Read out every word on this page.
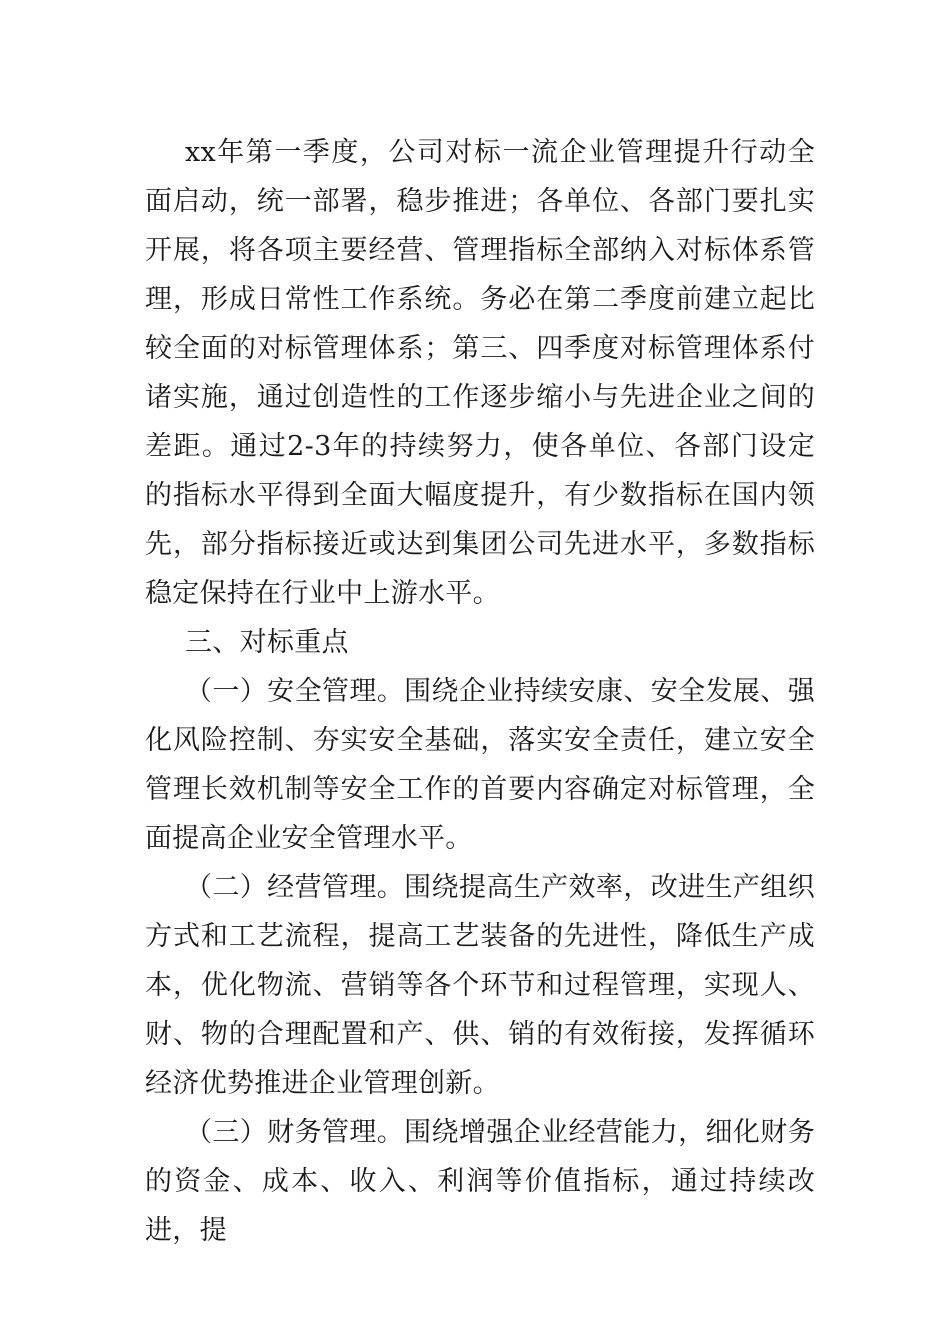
xx年第一季度，公司对标一流企业管理提升行动全面启动，统一部署，稳步推进；各单位、各部门要扎实开展，将各项主要经营、管理指标全部纳入对标体系管理，形成日常性工作系统。务必在第二季度前建立起比较全面的对标管理体系；第三、四季度对标管理体系付诸实施，通过创造性的工作逐步缩小与先进企业之间的差距。通过2-3年的持续努力，使各单位、各部门设定的指标水平得到全面大幅度提升，有少数指标在国内领先，部分指标接近或达到集团公司先进水平，多数指标稳定保持在行业中上游水平。

三、对标重点

（一）安全管理。围绕企业持续安康、安全发展、强化风险控制、夯实安全基础，落实安全责任，建立安全管理长效机制等安全工作的首要内容确定对标管理，全面提高企业安全管理水平。

（二）经营管理。围绕提高生产效率，改进生产组织方式和工艺流程，提高工艺装备的先进性，降低生产成本，优化物流、营销等各个环节和过程管理，实现人、财、物的合理配置和产、供、销的有效衔接，发挥循环经济优势推进企业管理创新。

（三）财务管理。围绕增强企业经营能力，细化财务的资金、成本、收入、利润等价值指标，通过持续改进，提
